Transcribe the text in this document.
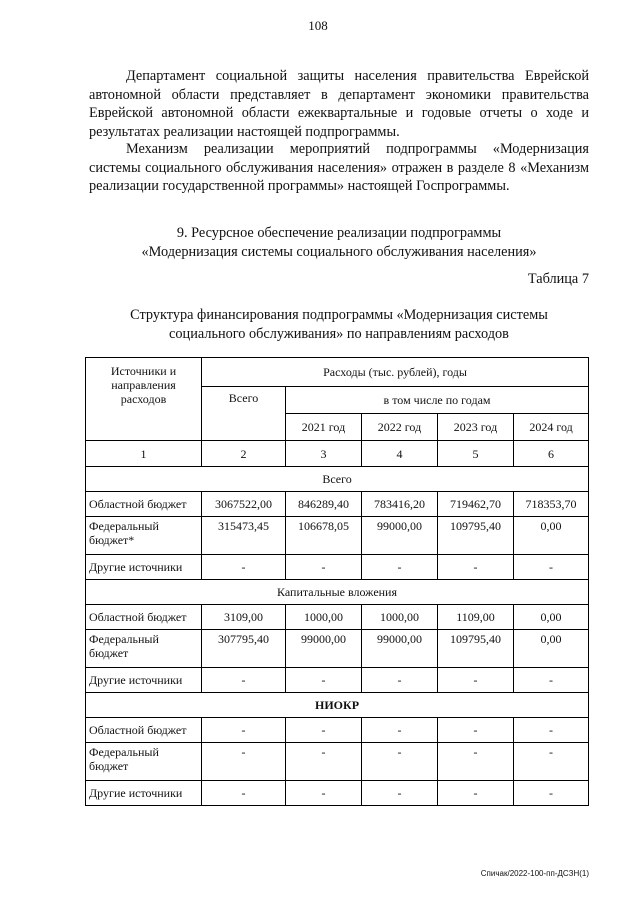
108
Департамент социальной защиты населения правительства Еврейской автономной области представляет в департамент экономики правительства Еврейской автономной области ежеквартальные и годовые отчеты о ходе и результатах реализации настоящей подпрограммы.
Механизм реализации мероприятий подпрограммы «Модернизация системы социального обслуживания населения» отражен в разделе 8 «Механизм реализации государственной программы» настоящей Госпрограммы.
9. Ресурсное обеспечение реализации подпрограммы
«Модернизация системы социального обслуживания населения»
Таблица 7
Структура финансирования подпрограммы «Модернизация системы
социального обслуживания» по направлениям расходов
Источники и направления расходов	Расходы (тыс. рублей), годы				
	Всего	в том числе по годам			
		2021 год	2022 год	2023 год	2024 год
1	2	3	4	5	6
Всего					
Областной бюджет	3067522,00	846289,40	783416,20	719462,70	718353,70
Федеральный бюджет*	315473,45	106678,05	99000,00	109795,40	0,00
Другие источники	-	-	-	-	-
Капитальные вложения					
Областной бюджет	3109,00	1000,00	1000,00	1109,00	0,00
Федеральный бюджет	307795,40	99000,00	99000,00	109795,40	0,00
Другие источники	-	-	-	-	-
НИОКР					
Областной бюджет	-	-	-	-	-
Федеральный бюджет	-	-	-	-	-
Другие источники	-	-	-	-	-
Спичак/2022-100-пп-ДСЗН(1)
